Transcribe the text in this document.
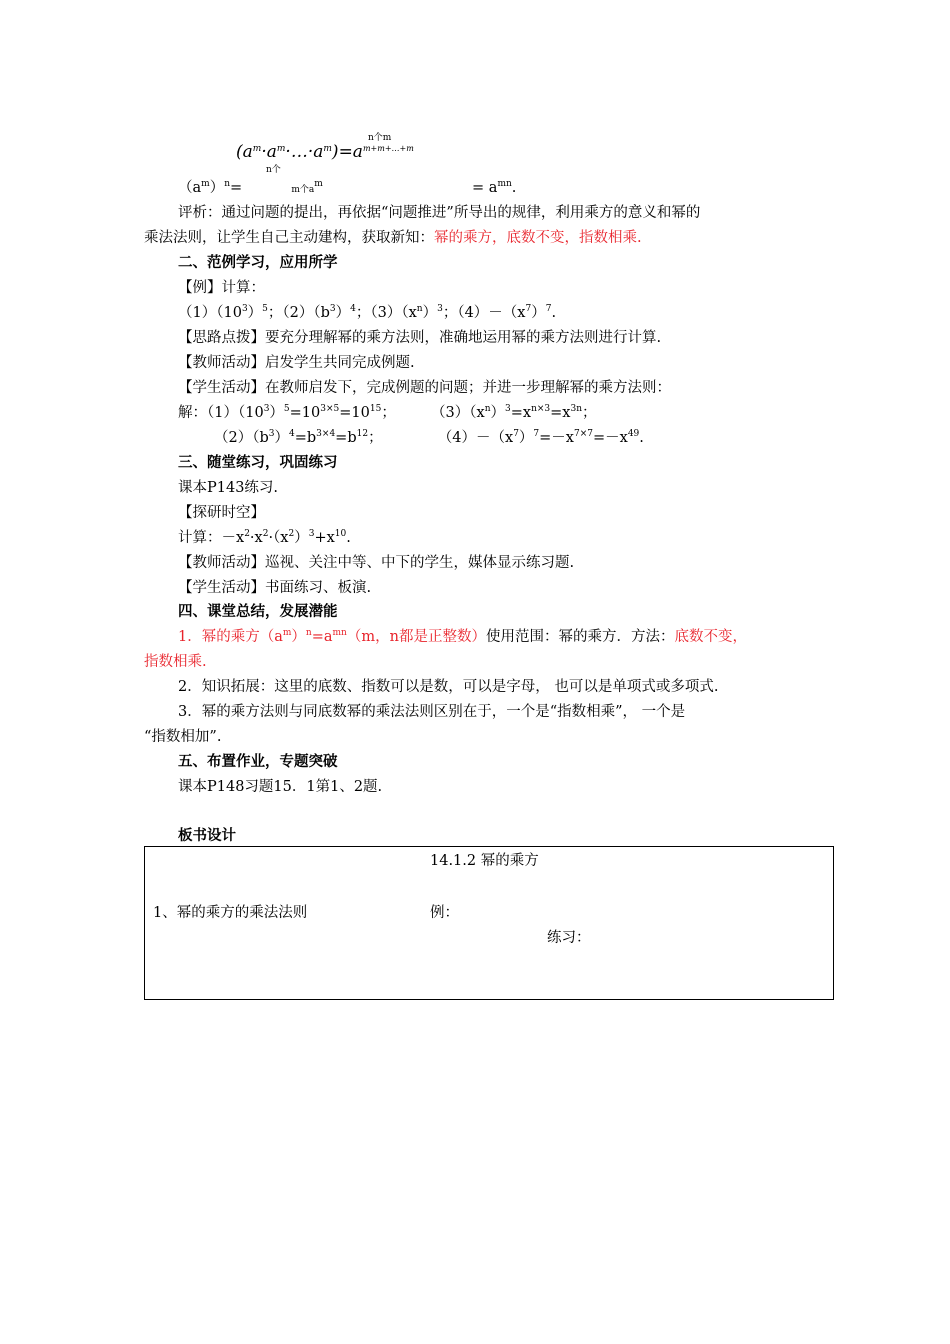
$(a^m\cdot a^m\cdot\dots\cdot a^m)=a^{m+m+\dots+m}$
n个m
n个
$(a^m)^n=$	m个$a^m$	= $a^{mn}$.
评析：通过问题的提出，再依据“问题推进”所导出的规律，利用乘方的意义和幂的
乘法法则，让学生自己主动建构，获取新知：幂的乘方，底数不变，指数相乘.
二、范例学习，应用所学
【例】计算：
$(1)(10^3)^5$；$(2)(b^3)^4$；$(3)(x^n)^3$；$(4)-(x^7)^7$.
【思路点拨】要充分理解幂的乘方法则，准确地运用幂的乘方法则进行计算.
【教师活动】启发学生共同完成例题.
【学生活动】在教师启发下，完成例题的问题；并进一步理解幂的乘方法则：
解：$(1)(10^3)^5=10^{3\times 5}=10^{15}$； $(3)(x^n)^3=x^{n\times 3}=x^{3n}$；
$(2)(b^3)^4=b^{3\times 4}=b^{12}$；	$(4)-(x^7)^7=-x^{7\times 7}=-x^{49}$.
三、随堂练习，巩固练习
课本P143练习.
【探研时空】
计算：$-x^2\cdot x^2\cdot(x^2)^3+x^{10}$.
【教师活动】巡视、关注中等、中下的学生，媒体显示练习题.
【学生活动】书面练习、板演.
四、课堂总结，发展潜能
1．幂的乘方$(a^m)^n=a^{mn}(m$，n都是正整数）使用范围：幂的乘方．方法：底数不变，
指数相乘.
2．知识拓展：这里的底数、指数可以是数，可以是字母， 也可以是单项式或多项式.
3．幂的乘方法则与同底数幂的乘法法则区别在于，一个是“指数相乘”， 一个是
“指数相加”.
五、布置作业，专题突破
课本P148习题15．1第1、2题.
板书设计
14.1.2 幂的乘方
1、幂的乘方的乘法法则	例：
练习：
